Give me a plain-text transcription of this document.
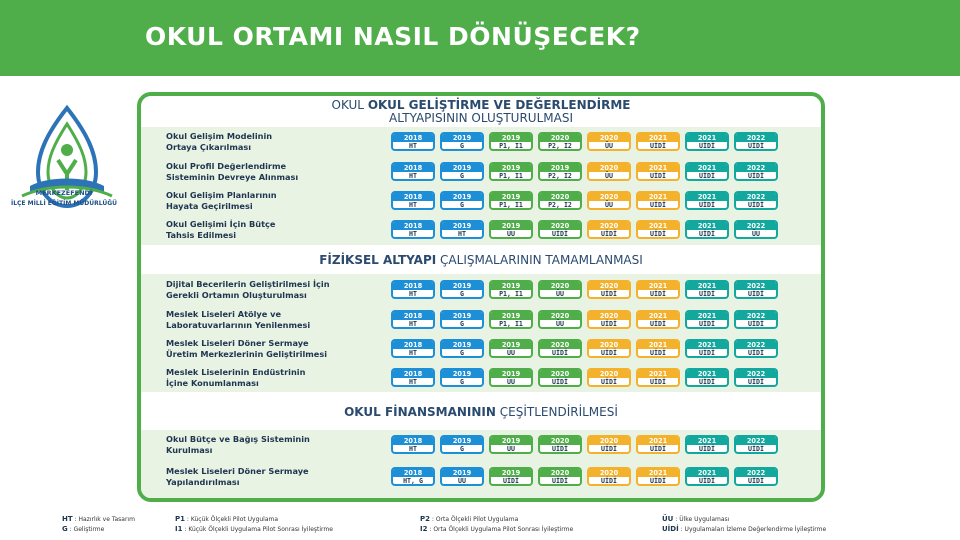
OKUL ORTAMI NASIL DÖNÜŞECEK?
MERKEZEFENDİ
İLÇE MİLLİ EĞİTİM MÜDÜRLÜĞÜ
OKUL OKUL GELİŞTİRME VE DEĞERLENDİRME
ALTYAPISININ OLUŞTURULMASI
FİZİKSEL ALTYAPI ÇALIŞMALARININ TAMAMLANMASI
OKUL FİNANSMANININ ÇEŞİTLENDİRİLMESİ
Okul Gelişim Modelinin
Ortaya Çıkarılması
2018
HT
2019
G
2019
P1, I1
2020
P2, I2
2020
ÜU
2021
UİDİ
2021
UİDİ
2022
UİDİ
Okul Profil Değerlendirme
Sisteminin Devreye Alınması
2018
HT
2019
G
2019
P1, I1
2019
P2, I2
2020
ÜU
2021
UİDİ
2021
UİDİ
2022
UİDİ
Okul Gelişim Planlarının
Hayata Geçirilmesi
2018
HT
2019
G
2019
P1, I1
2020
P2, I2
2020
ÜU
2021
UİDİ
2021
UİDİ
2022
UİDİ
Okul Gelişimi İçin Bütçe
Tahsis Edilmesi
2018
HT
2019
HT
2019
ÜU
2020
UİDİ
2020
UİDİ
2021
UİDİ
2021
UİDİ
2022
ÜU
Dijital Becerilerin Geliştirilmesi İçin
Gerekli Ortamın Oluşturulması
2018
HT
2019
G
2019
P1, I1
2020
ÜU
2020
UİDİ
2021
UİDİ
2021
UİDİ
2022
UİDİ
Meslek Liseleri Atölye ve
Laboratuvarlarının Yenilenmesi
2018
HT
2019
G
2019
P1, I1
2020
ÜU
2020
UİDİ
2021
UİDİ
2021
UİDİ
2022
UİDİ
Meslek Liseleri Döner Sermaye
Üretim Merkezlerinin Geliştirilmesi
2018
HT
2019
G
2019
ÜU
2020
UİDİ
2020
UİDİ
2021
UİDİ
2021
UİDİ
2022
UİDİ
Meslek Liselerinin Endüstrinin
İçine Konumlanması
2018
HT
2019
G
2019
ÜU
2020
UİDİ
2020
UİDİ
2021
UİDİ
2021
UİDİ
2022
UİDİ
Okul Bütçe ve Bağış Sisteminin
Kurulması
2018
HT
2019
G
2019
ÜU
2020
UİDİ
2020
UİDİ
2021
UİDİ
2021
UİDİ
2022
UİDİ
Meslek Liseleri Döner Sermaye
Yapılandırılması
2018
HT, G
2019
ÜU
2019
UİDİ
2020
UİDİ
2020
UİDİ
2021
UİDİ
2021
UİDİ
2022
UİDİ
HT : Hazırlık ve Tasarım
G : Geliştirme
P1 : Küçük Ölçekli Pilot Uygulama
I1 : Küçük Ölçekli Uygulama Pilot Sonrası İyileştirme
P2 : Orta Ölçekli Pilot Uygulama
I2 : Orta Ölçekli Uygulama Pilot Sonrası İyileştirme
ÜU : Ülke Uygulaması
UİDİ : Uygulamaları İzleme Değerlendirme İyileştirme
